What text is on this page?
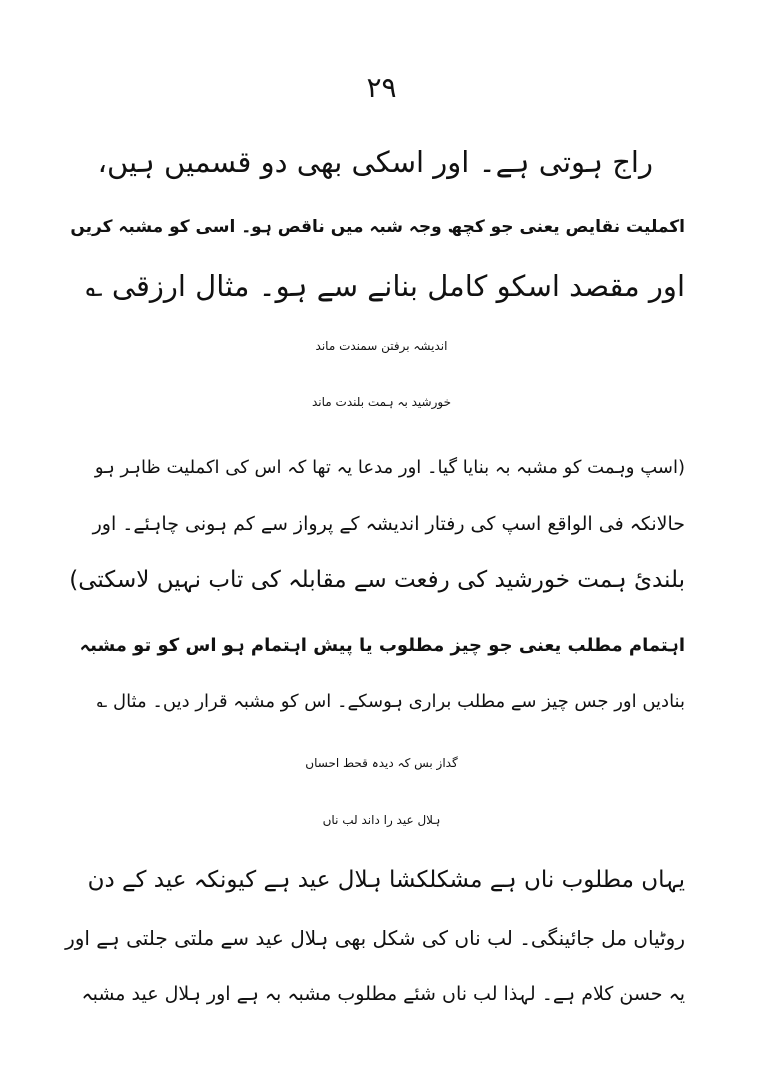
۲۹
راج ہوتی ہے۔ اور اسکی بھی دو قسمیں ہیں،
اکملیت نقایص یعنی جو کچھ وجہ شبہ میں ناقص ہو۔ اسی کو مشبہ کریں
اور مقصد اسکو کامل بنانے سے ہو۔ مثال ارزقی ؎
اندیشہ برفتن سمندت ماند
خورشید بہ ہمت بلندت ماند
(اسپ وہمت کو مشبہ بہ بنایا گیا۔ اور مدعا یہ تھا کہ اس کی اکملیت ظاہر ہو
حالانکہ فی الواقع اسپ کی رفتار اندیشہ کے پرواز سے کم ہونی چاہئے۔ اور
بلندیٔ ہمت خورشید کی رفعت سے مقابلہ کی تاب نہیں لاسکتی)
اہتمام مطلب یعنی جو چیز مطلوب یا پیش اہتمام ہو اس کو تو مشبہ
بنادیں اور جس چیز سے مطلب براری ہوسکے۔ اس کو مشبہ قرار دیں۔ مثال ؎
گداز بس کہ دیدہ قحط احساں
ہلال عید را داند لب ناں
یہاں مطلوب ناں ہے مشکلکشا ہلال عید ہے کیونکہ عید کے دن
روٹیاں مل جائینگی۔ لب ناں کی شکل بھی ہلال عید سے ملتی جلتی ہے اور
یہ حسن کلام ہے۔ لہذا لب ناں شئے مطلوب مشبہ بہ ہے اور ہلال عید مشبہ
